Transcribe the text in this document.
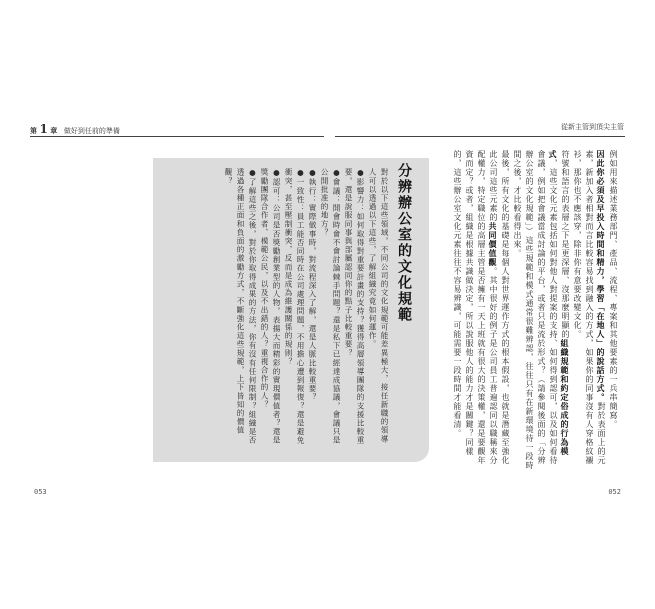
第 1 章 做好到任前的準備	從新主管到頂尖主管

例如用來描述業務部門、產品、流程、專案和其他要素的一兵串簡寫。

因此你必須及早投入時間和精力，學習「在地人」的說話方式。對於表面上的元素，新加入者相對而言比較容易找到融入的方式，如果你的同事沒有人穿格紋襯衫，那你也不應該穿，除非你有意要改變文化。

符號和語言的表層之下是更深層、沒那麼明顯的組織規範和約定俗成的行為模式，這些文化元素包括如何對他人對提案的支持、如何得到認可，以及如何看待會議，例如把會議當成討論的平台，或者只是流於形式？（請參閱後面的「分辨辦公室的文化規範」）這些規範和模式通常很難辨認，往往只有在新環境待一段時間之後，才比較看得出來。

最後，所有文化的基礎是每個人對世界運作方式的根本假設，也就是潛藏至強化此公司這些元素的共同價值觀。其中很好的例子是公司員工普遍認同以職稱來分配權力，特定職位的高層主管是否擁有一天上班就有很大的決策權，還是要觀年資而定？或者，組織是根據共識做決定，所以說服他人的能力才是關鍵？同樣的，這些辦公室文化元素往往不容易辨識，可能需要一段時間才能看清。

分辨辦公室的文化規範

對於以下這些領域，不同公司的文化規範可能差異極大，接任新職的領導人可以透過以下這些，了解組織究竟如何運作。

●影響力：如何取得對重要計畫的支持？獲得高層領導團隊的支援比較重要，還是說服同事與部屬認同你的點子比較重要？

●會議：開會時會不會討論棘手問題？還是私下已經達成協議，會議只是公開批准的地方？

●執行：實際做事時，對流程深入了解，還是人脈比較重要？

●一致性：員工能否同時在公司處理問題，不用擔心遭到報復？還是避免衝突，甚至壓制衝突，反而是成為維護關係的規則？

●認可：公司是否獎勵創業型的人物，表揚大而精彩的實現價值者？還是獎勵團隊合作者、模範公民，以及不出錯的人？重視合作的人？

●了解這些之後，對於你取得成果的方法，你有沒有任何限制？組織是否透過各種正面和負面的激勵方式，不斷強化這些規範，上下皆知的價值觀？

053	052
